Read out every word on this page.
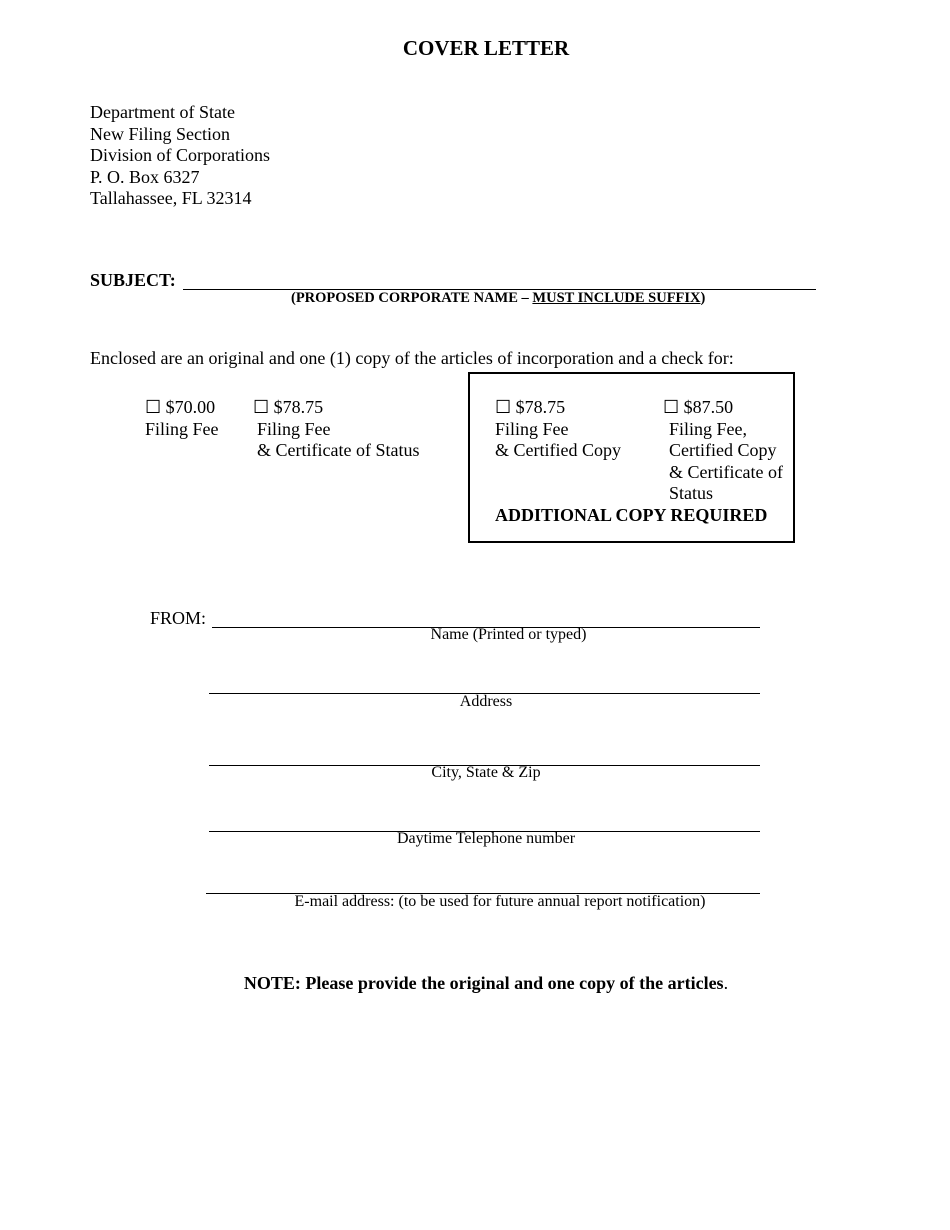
COVER LETTER
Department of State
New Filing Section
Division of Corporations
P. O. Box 6327
Tallahassee, FL 32314
SUBJECT:
(PROPOSED CORPORATE NAME – MUST INCLUDE SUFFIX)
Enclosed are an original and one (1) copy of the articles of incorporation and a check for:
☐ $70.00
Filing Fee
☐ $78.75
Filing Fee
& Certificate of Status
☐ $78.75
Filing Fee
& Certified Copy
☐ $87.50
Filing Fee,
Certified Copy
& Certificate of
Status
ADDITIONAL COPY REQUIRED
FROM:
Name (Printed or typed)
Address
City, State & Zip
Daytime Telephone number
E-mail address: (to be used for future annual report notification)
NOTE: Please provide the original and one copy of the articles.
